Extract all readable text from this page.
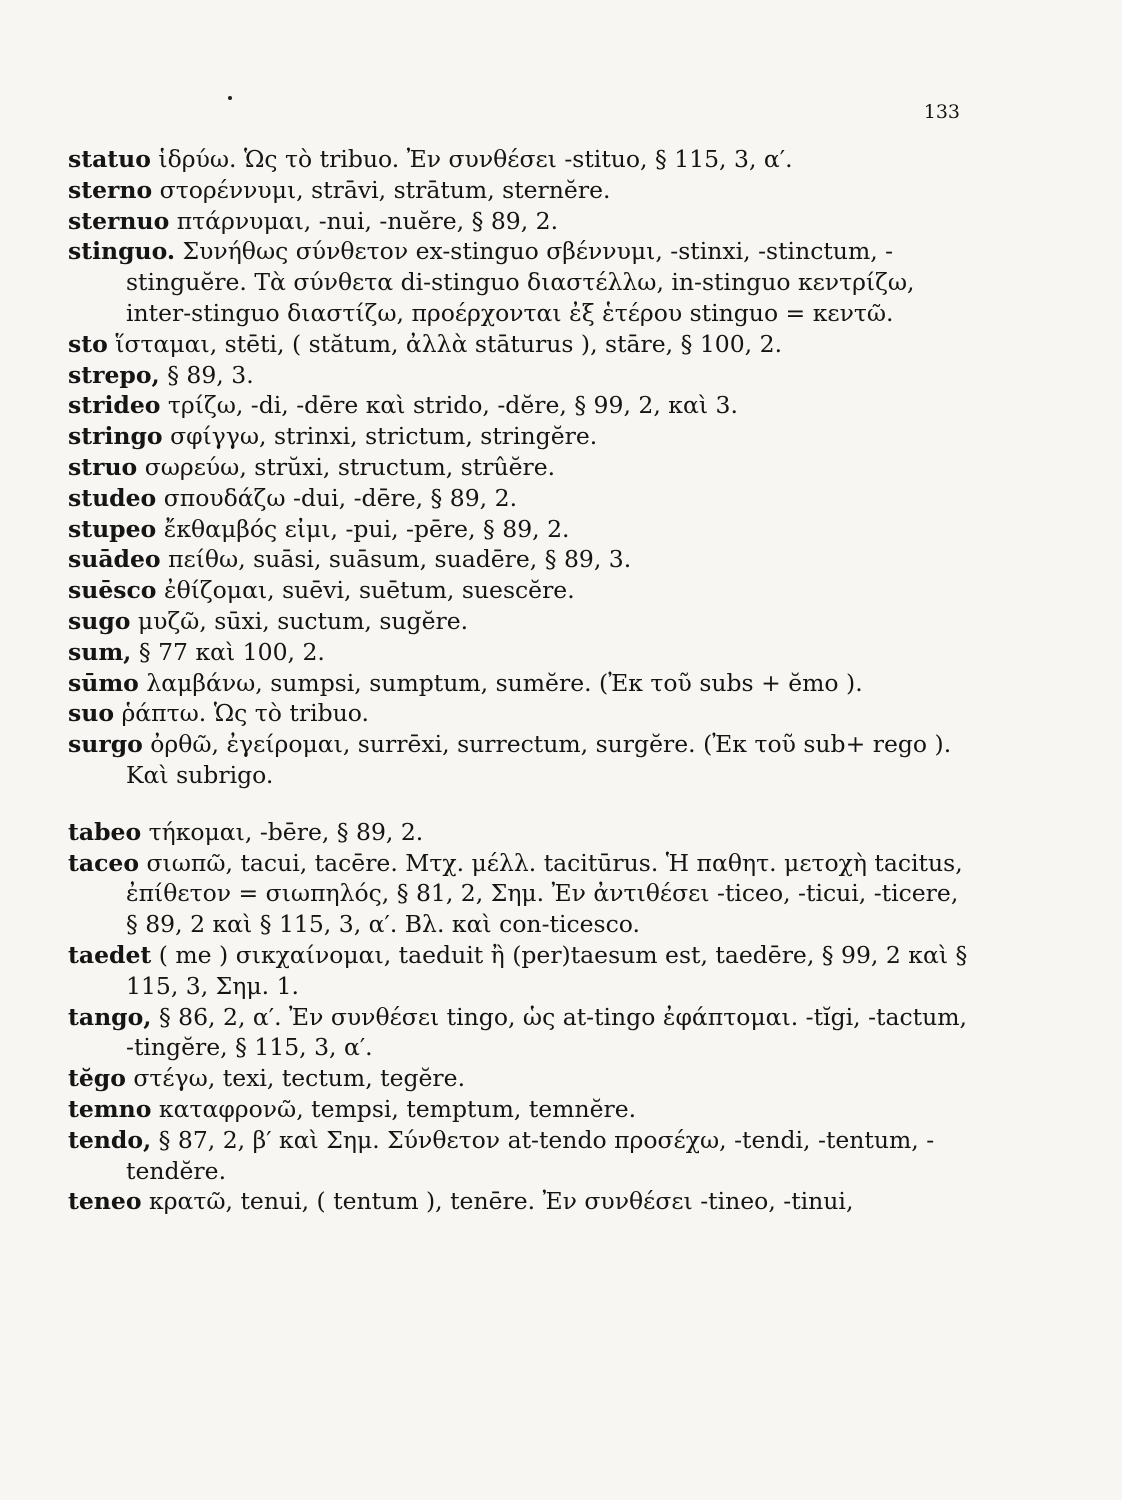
133

statuo ἱδρύω. Ὡς τὸ tribuo. Ἐν συνθέσει -stituo, § 115, 3, α′.

sterno στορέννυμι, strāvi, strātum, sternĕre.

sternuo πτάρνυμαι, -nui, -nuĕre, § 89, 2.

stinguo. Συνήθως σύνθετον ex-stinguo σβέννυμι, -stinxi, -stinctum, -stinguĕre. Τὰ σύνθετα di-stinguo διαστέλλω, in-stinguo κεντρίζω, inter-stinguo διαστίζω, προέρχονται ἐξ ἑτέρου stinguo = κεντῶ.

sto ἵσταμαι, stēti, ( stătum, ἀλλὰ stāturus ), stāre, § 100, 2.

strepo, § 89, 3.

strideo τρίζω, -di, -dēre καὶ strido, -dĕre, § 99, 2, καὶ 3.

stringo σφίγγω, strinxi, strictum, stringĕre.

struo σωρεύω, strŭxi, structum, strûĕre.

studeo σπουδάζω -dui, -dēre, § 89, 2.

stupeo ἔκθαμβός εἰμι, -pui, -pēre, § 89, 2.

suādeo πείθω, suāsi, suāsum, suadēre, § 89, 3.

suēsco ἐθίζομαι, suēvi, suētum, suescĕre.

sugo μυζῶ, sūxi, suctum, sugĕre.

sum, § 77 καὶ 100, 2.

sūmo λαμβάνω, sumpsi, sumptum, sumĕre. (Ἐκ τοῦ subs + ĕmo ).

suo ῥάπτω. Ὡς τὸ tribuo.

surgo ὀρθῶ, ἐγείρομαι, surrēxi, surrectum, surgĕre. (Ἐκ τοῦ sub+ rego ). Καὶ subrigo.

tabeo τήκομαι, -bēre, § 89, 2.

taceo σιωπῶ, tacui, tacēre. Μτχ. μέλλ. tacitūrus. Ἡ παθητ. μετοχὴ tacitus, ἐπίθετον = σιωπηλός, § 81, 2, Σημ. Ἐν ἀντιθέσει -ticeo, -ticui, -ticere, § 89, 2 καὶ § 115, 3, α′. Βλ. καὶ con-ticesco.

taedet ( me ) σικχαίνομαι, taeduit ἢ (per)taesum est, taedēre, § 99, 2 καὶ § 115, 3, Σημ. 1.

tango, § 86, 2, α′. Ἐν συνθέσει tingo, ὡς at-tingo ἐφάπτομαι. -tĭgi, -tactum, -tingĕre, § 115, 3, α′.

tĕgo στέγω, texi, tectum, tegĕre.

temno καταφρονῶ, tempsi, temptum, temnĕre.

tendo, § 87, 2, β′ καὶ Σημ. Σύνθετον at-tendo προσέχω, -tendi, -tentum, - tendĕre.

teneo κρατῶ, tenui, ( tentum ), tenēre. Ἐν συνθέσει -tineo, -tinui,
